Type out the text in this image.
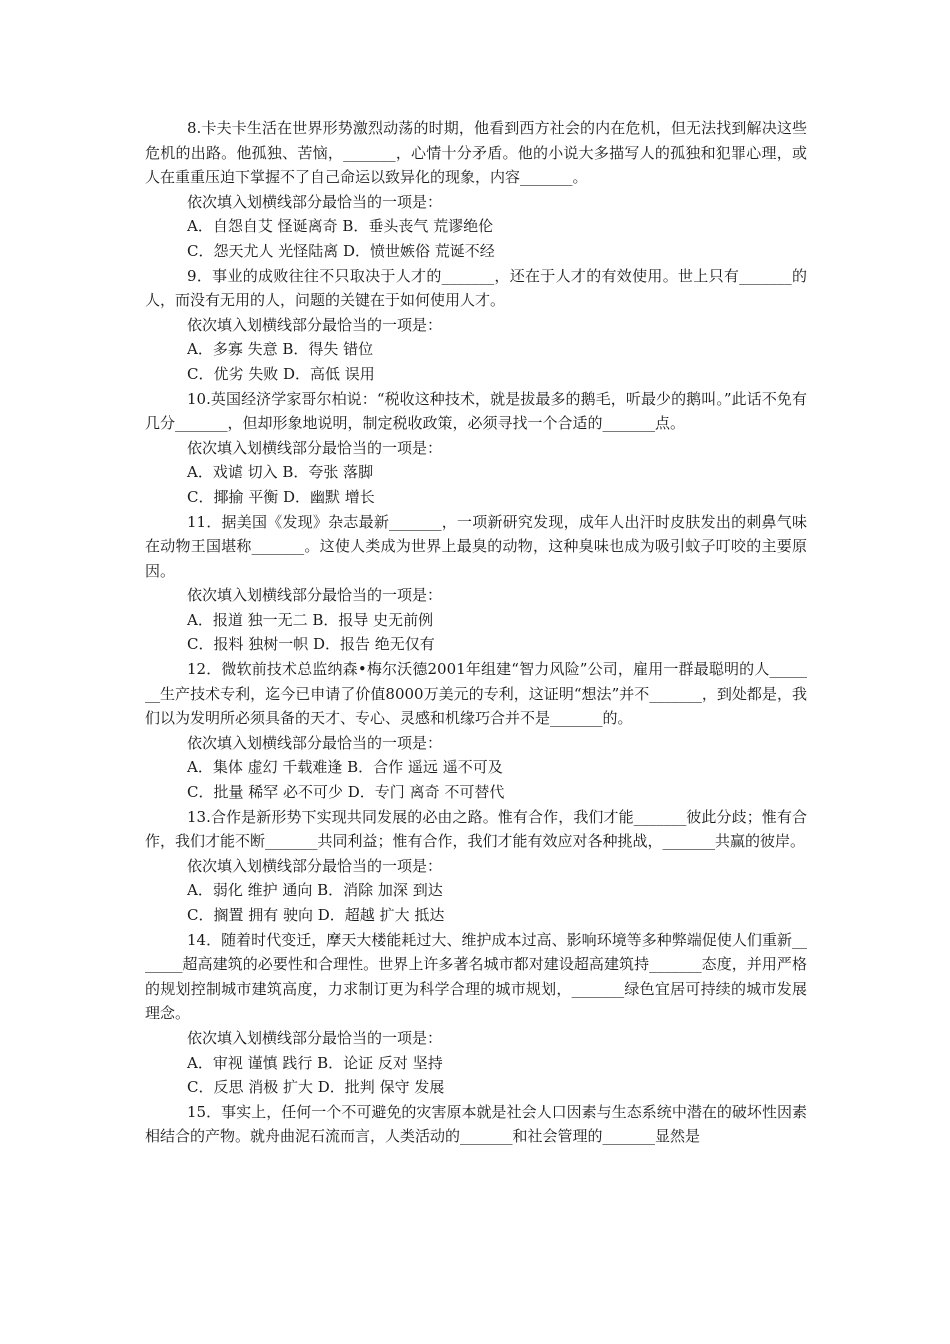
8.卡夫卡生活在世界形势激烈动荡的时期，他看到西方社会的内在危机，但无法找到解决这些危机的出路。他孤独、苦恼，_______，心情十分矛盾。他的小说大多描写人的孤独和犯罪心理，或人在重重压迫下掌握不了自己命运以致异化的现象，内容_______。

依次填入划横线部分最恰当的一项是：

A．自怨自艾 怪诞离奇 B．垂头丧气 荒谬绝伦

C．怨天尤人 光怪陆离 D．愤世嫉俗 荒诞不经

9．事业的成败往往不只取决于人才的_______，还在于人才的有效使用。世上只有_______的人，而没有无用的人，问题的关键在于如何使用人才。

依次填入划横线部分最恰当的一项是：

A．多寡 失意 B．得失 错位

C．优劣 失败 D．高低 误用

10.英国经济学家哥尔柏说：“税收这种技术，就是拔最多的鹅毛，听最少的鹅叫。”此话不免有几分_______，但却形象地说明，制定税收政策，必须寻找一个合适的_______点。

依次填入划横线部分最恰当的一项是：

A．戏谑 切入 B．夸张 落脚

C．揶揄 平衡 D．幽默 增长

11．据美国《发现》杂志最新_______，一项新研究发现，成年人出汗时皮肤发出的刺鼻气味在动物王国堪称_______。这使人类成为世界上最臭的动物，这种臭味也成为吸引蚊子叮咬的主要原因。

依次填入划横线部分最恰当的一项是：

A．报道 独一无二 B．报导 史无前例

C．报料 独树一帜 D．报告 绝无仅有

12．微软前技术总监纳森•梅尔沃德2001年组建“智力风险”公司，雇用一群最聪明的人_______生产技术专利，迄今已申请了价值8000万美元的专利，这证明“想法”并不_______，到处都是，我们以为发明所必须具备的天才、专心、灵感和机缘巧合并不是_______的。

依次填入划横线部分最恰当的一项是：

A．集体 虚幻 千载难逢 B．合作 遥远 遥不可及

C．批量 稀罕 必不可少 D．专门 离奇 不可替代

13.合作是新形势下实现共同发展的必由之路。惟有合作，我们才能_______彼此分歧；惟有合作，我们才能不断_______共同利益；惟有合作，我们才能有效应对各种挑战，_______共赢的彼岸。

依次填入划横线部分最恰当的一项是：

A．弱化 维护 通向 B．消除 加深 到达

C．搁置 拥有 驶向 D．超越 扩大 抵达

14．随着时代变迁，摩天大楼能耗过大、维护成本过高、影响环境等多种弊端促使人们重新_______超高建筑的必要性和合理性。世界上许多著名城市都对建设超高建筑持_______态度，并用严格的规划控制城市建筑高度，力求制订更为科学合理的城市规划，_______绿色宜居可持续的城市发展理念。

依次填入划横线部分最恰当的一项是：

A．审视 谨慎 践行 B．论证 反对 坚持

C．反思 消极 扩大 D．批判 保守 发展

15．事实上，任何一个不可避免的灾害原本就是社会人口因素与生态系统中潜在的破坏性因素相结合的产物。就舟曲泥石流而言，人类活动的_______和社会管理的_______显然是
